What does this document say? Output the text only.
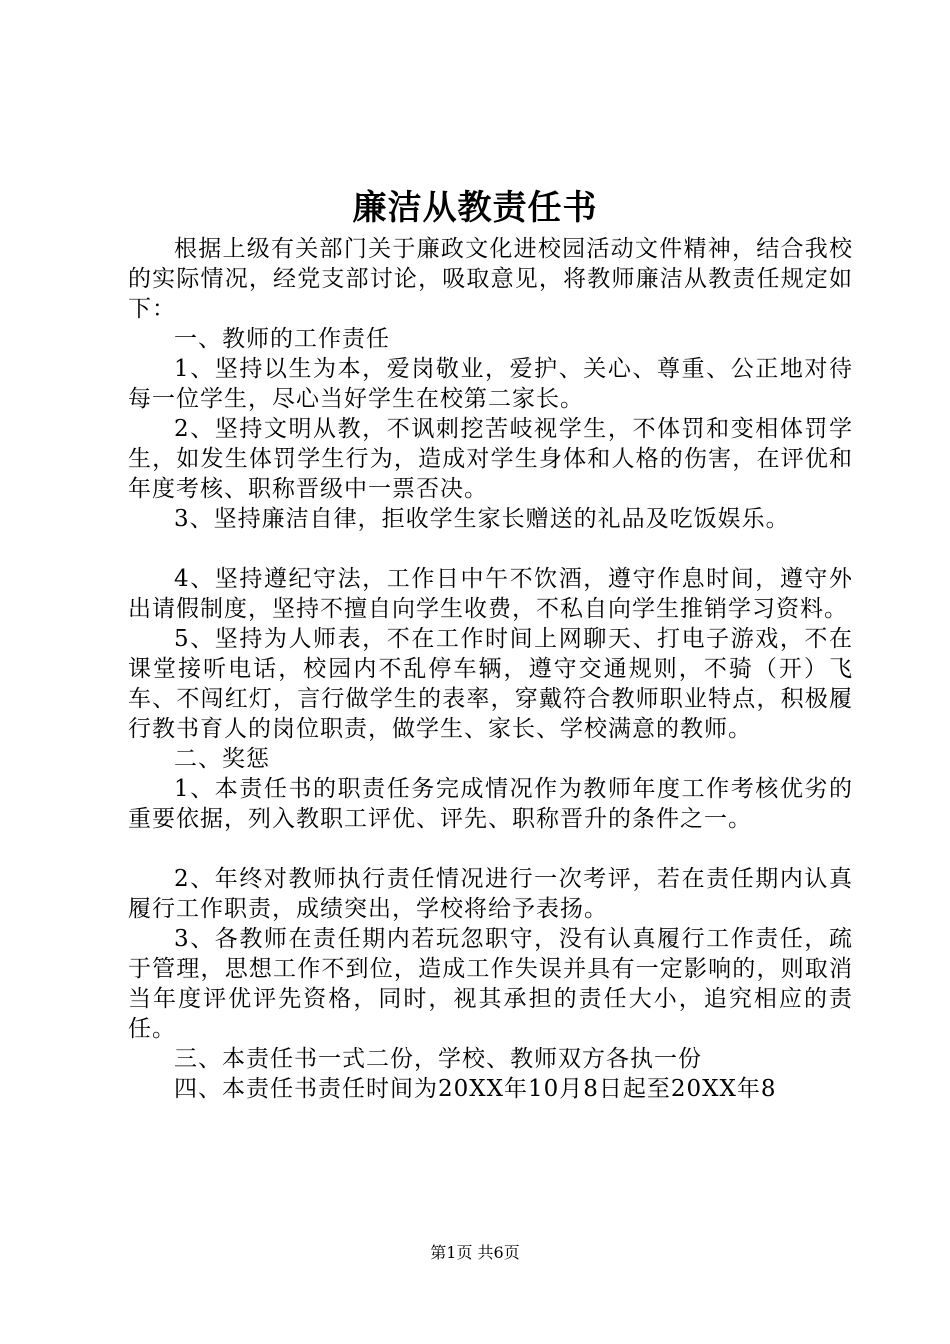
廉洁从教责任书

根据上级有关部门关于廉政文化进校园活动文件精神，结合我校的实际情况，经党支部讨论，吸取意见，将教师廉洁从教责任规定如下：

一、教师的工作责任

1、坚持以生为本，爱岗敬业，爱护、关心、尊重、公正地对待每一位学生，尽心当好学生在校第二家长。

2、坚持文明从教，不讽刺挖苦岐视学生，不体罚和变相体罚学生，如发生体罚学生行为，造成对学生身体和人格的伤害，在评优和年度考核、职称晋级中一票否决。

3、坚持廉洁自律，拒收学生家长赠送的礼品及吃饭娱乐。

4、坚持遵纪守法，工作日中午不饮酒，遵守作息时间，遵守外出请假制度，坚持不擅自向学生收费，不私自向学生推销学习资料。

5、坚持为人师表，不在工作时间上网聊天、打电子游戏，不在课堂接听电话，校园内不乱停车辆，遵守交通规则，不骑（开）飞车、不闯红灯，言行做学生的表率，穿戴符合教师职业特点，积极履行教书育人的岗位职责，做学生、家长、学校满意的教师。

二、奖惩

1、本责任书的职责任务完成情况作为教师年度工作考核优劣的重要依据，列入教职工评优、评先、职称晋升的条件之一。

2、年终对教师执行责任情况进行一次考评，若在责任期内认真履行工作职责，成绩突出，学校将给予表扬。

3、各教师在责任期内若玩忽职守，没有认真履行工作责任，疏于管理，思想工作不到位，造成工作失误并具有一定影响的，则取消当年度评优评先资格，同时，视其承担的责任大小，追究相应的责任。

三、本责任书一式二份，学校、教师双方各执一份

四、本责任书责任时间为20XX年10月8日起至20XX年8

第1页 共6页
